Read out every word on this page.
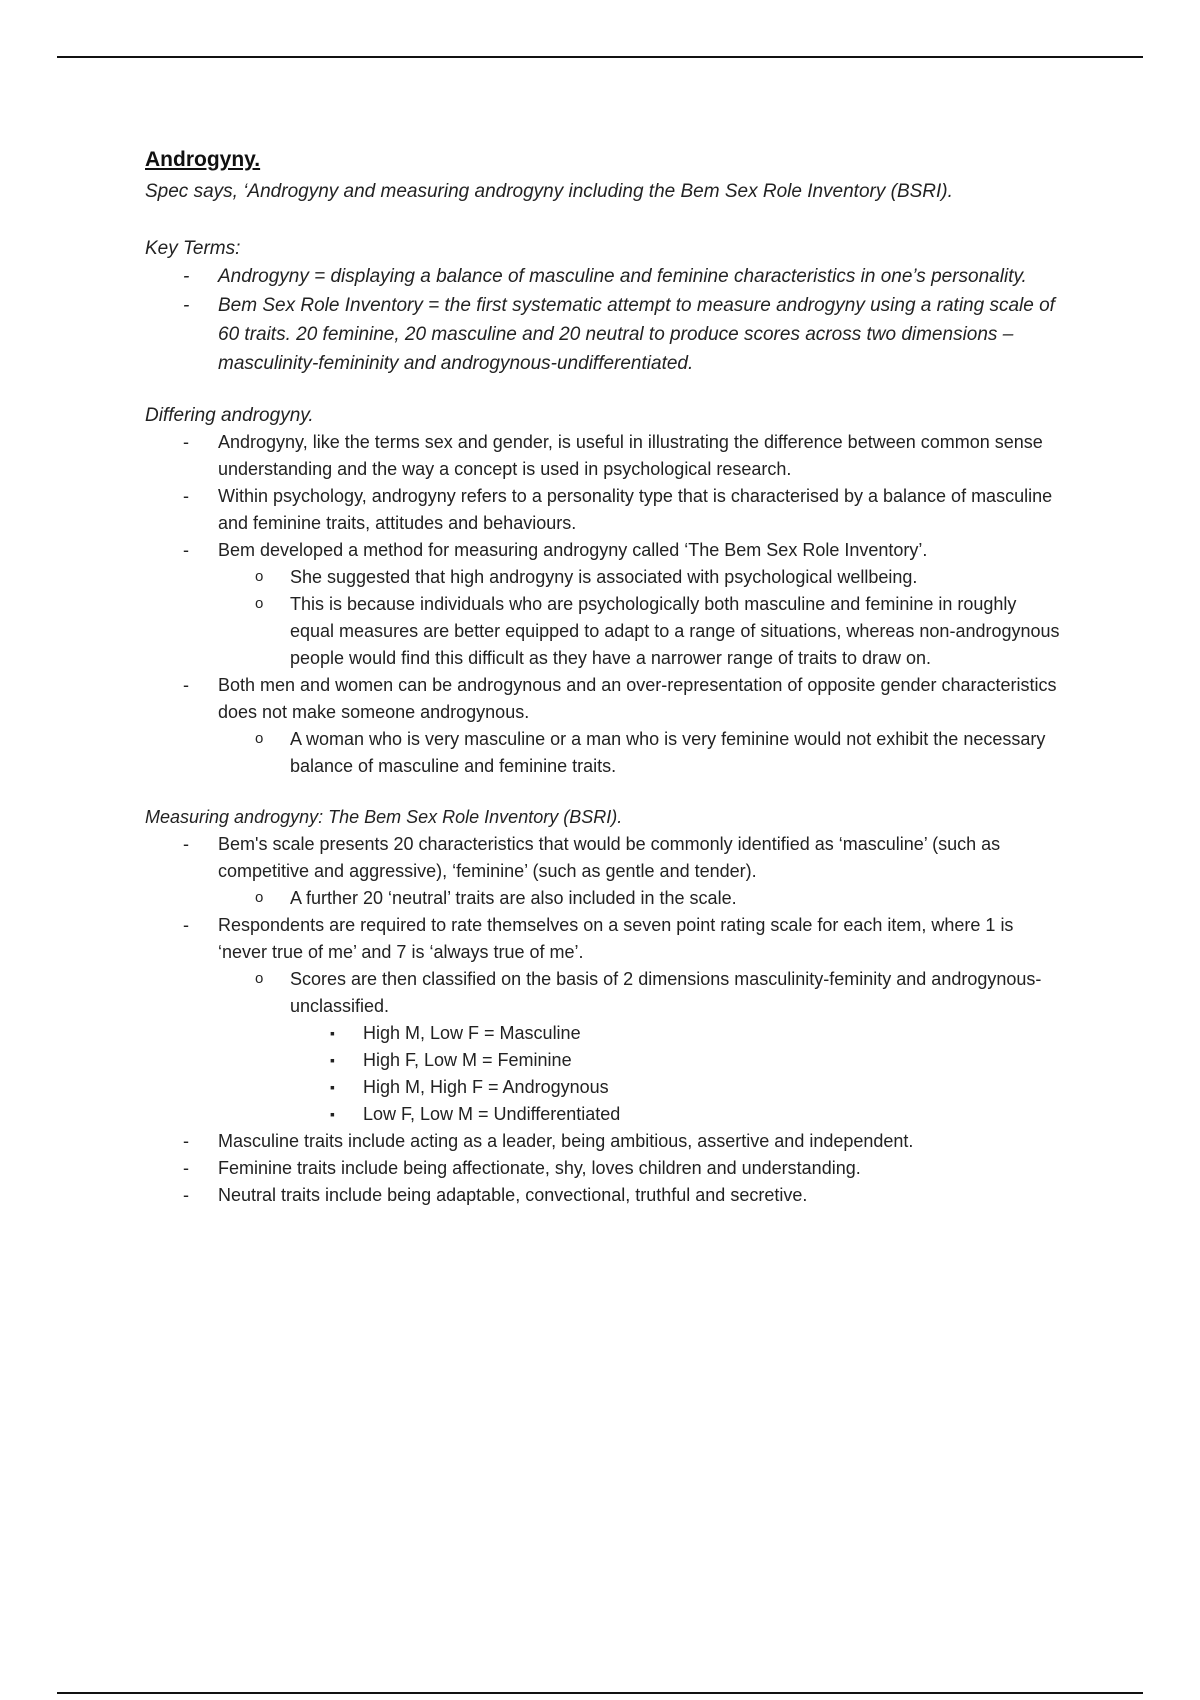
Androgyny.

Spec says, ‘Androgyny and measuring androgyny including the Bem Sex Role Inventory (BSRI).

Key Terms:

- Androgyny = displaying a balance of masculine and feminine characteristics in one’s personality.
- Bem Sex Role Inventory = the first systematic attempt to measure androgyny using a rating scale of 60 traits. 20 feminine, 20 masculine and 20 neutral to produce scores across two dimensions – masculinity-femininity and androgynous-undifferentiated.

Differing androgyny.

- Androgyny, like the terms sex and gender, is useful in illustrating the difference between common sense understanding and the way a concept is used in psychological research.
- Within psychology, androgyny refers to a personality type that is characterised by a balance of masculine and feminine traits, attitudes and behaviours.
- Bem developed a method for measuring androgyny called ‘The Bem Sex Role Inventory’.
o She suggested that high androgyny is associated with psychological wellbeing.
o This is because individuals who are psychologically both masculine and feminine in roughly equal measures are better equipped to adapt to a range of situations, whereas non-androgynous people would find this difficult as they have a narrower range of traits to draw on.
- Both men and women can be androgynous and an over-representation of opposite gender characteristics does not make someone androgynous.
o A woman who is very masculine or a man who is very feminine would not exhibit the necessary balance of masculine and feminine traits.

Measuring androgyny: The Bem Sex Role Inventory (BSRI).

- Bem's scale presents 20 characteristics that would be commonly identified as ‘masculine’ (such as competitive and aggressive), ‘feminine’ (such as gentle and tender).
o A further 20 ‘neutral’ traits are also included in the scale.
- Respondents are required to rate themselves on a seven point rating scale for each item, where 1 is ‘never true of me’ and 7 is ‘always true of me’.
o Scores are then classified on the basis of 2 dimensions masculinity-feminity and androgynous-unclassified.
▪ High M, Low F = Masculine
▪ High F, Low M = Feminine
▪ High M, High F = Androgynous
▪ Low F, Low M = Undifferentiated
- Masculine traits include acting as a leader, being ambitious, assertive and independent.
- Feminine traits include being affectionate, shy, loves children and understanding.
- Neutral traits include being adaptable, convectional, truthful and secretive.
